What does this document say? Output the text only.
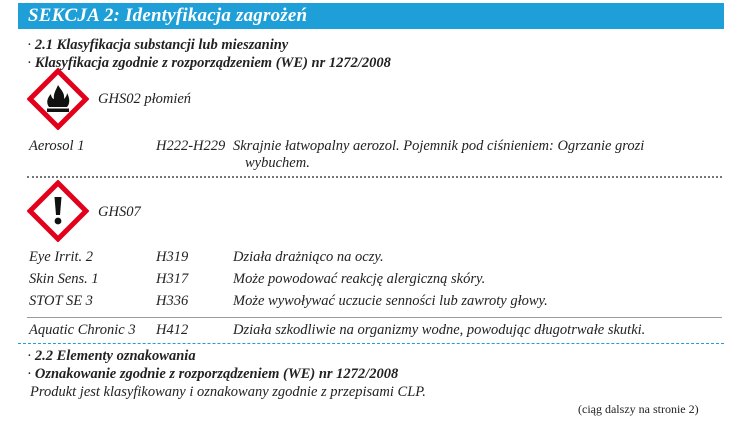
SEKCJA 2: Identyfikacja zagrożeń
· 2.1 Klasyfikacja substancji lub mieszaniny
· Klasyfikacja zgodnie z rozporządzeniem (WE) nr 1272/2008
GHS02 płomień
Aerosol 1	H222-H229 Skrajnie łatwopalny aerozol. Pojemnik pod ciśnieniem: Ogrzanie grozi
wybuchem.
GHS07
Eye Irrit. 2	H319	Działa drażniąco na oczy.
Skin Sens. 1	H317	Może powodować reakcję alergiczną skóry.
STOT SE 3	H336	Może wywoływać uczucie senności lub zawroty głowy.
Aquatic Chronic 3 H412	Działa szkodliwie na organizmy wodne, powodując długotrwałe skutki.
· 2.2 Elementy oznakowania
· Oznakowanie zgodnie z rozporządzeniem (WE) nr 1272/2008
Produkt jest klasyfikowany i oznakowany zgodnie z przepisami CLP.
(ciąg dalszy na stronie 2)
